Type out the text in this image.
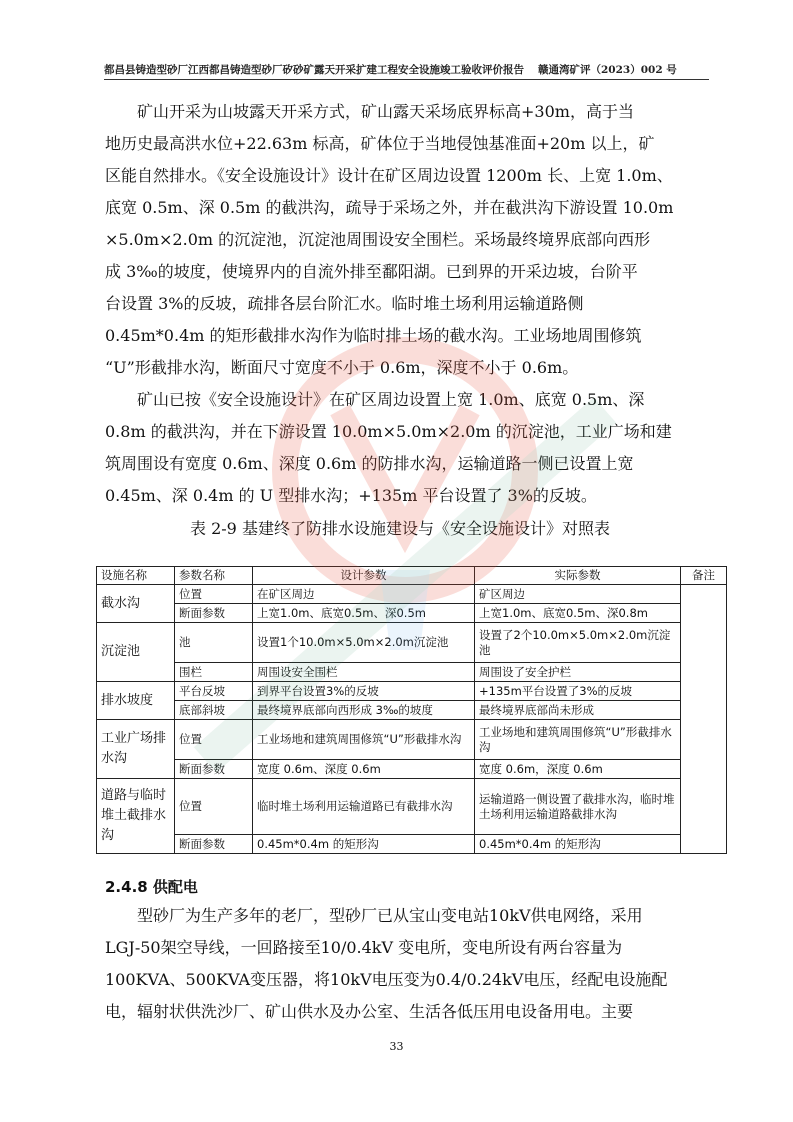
都昌县铸造型砂厂江西都昌铸造型砂厂矽砂矿露天开采扩建工程安全设施竣工验收评价报告 赣通湾矿评（2023）002 号
矿山开采为山坡露天开采方式，矿山露天采场底界标高+30m，高于当
地历史最高洪水位+22.63m 标高，矿体位于当地侵蚀基准面+20m 以上，矿
区能自然排水。《安全设施设计》设计在矿区周边设置 1200m 长、上宽 1.0m、
底宽 0.5m、深 0.5m 的截洪沟，疏导于采场之外，并在截洪沟下游设置 10.0m
×5.0m×2.0m 的沉淀池，沉淀池周围设安全围栏。采场最终境界底部向西形
成 3‰的坡度，使境界内的自流外排至鄱阳湖。已到界的开采边坡，台阶平
台设置 3%的反坡，疏排各层台阶汇水。临时堆土场利用运输道路侧
0.45m*0.4m 的矩形截排水沟作为临时排土场的截水沟。工业场地周围修筑
“U”形截排水沟，断面尺寸宽度不小于 0.6m，深度不小于 0.6m。
矿山已按《安全设施设计》在矿区周边设置上宽 1.0m、底宽 0.5m、深
0.8m 的截洪沟，并在下游设置 10.0m×5.0m×2.0m 的沉淀池，工业广场和建
筑周围设有宽度 0.6m、深度 0.6m 的防排水沟，运输道路一侧已设置上宽
0.45m、深 0.4m 的 U 型排水沟；+135m 平台设置了 3%的反坡。
表 2-9 基建终了防排水设施建设与《安全设施设计》对照表
设施名称	参数名称	设计参数	实际参数	备注
截水沟	位置	在矿区周边	矿区周边	
	断面参数	上宽1.0m、底宽0.5m、深0.5m	上宽1.0m、底宽0.5m、深0.8m	
沉淀池	池	设置1个10.0m×5.0m×2.0m沉淀池	设置了2个10.0m×5.0m×2.0m沉淀池	
	围栏	周围设安全围栏	周围设了安全护栏	
排水坡度	平台反坡	到界平台设置3%的反坡	+135m平台设置了3%的反坡	
	底部斜坡	最终境界底部向西形成 3‰的坡度	最终境界底部尚未形成	
工业广场排水沟	位置	工业场地和建筑周围修筑“U”形截排水沟	工业场地和建筑周围修筑“U”形截排水沟	
	断面参数	宽度 0.6m、深度 0.6m	宽度 0.6m，深度 0.6m	
道路与临时堆土截排水沟	位置	临时堆土场利用运输道路已有截排水沟	运输道路一侧设置了截排水沟，临时堆土场利用运输道路截排水沟	
	断面参数	0.45m*0.4m 的矩形沟	0.45m*0.4m 的矩形沟	
2.4.8 供配电
型砂厂为生产多年的老厂，型砂厂已从宝山变电站10kV供电网络，采用
LGJ-50架空导线，一回路接至10/0.4kV 变电所，变电所设有两台容量为
100KVA、500KVA变压器，将10kV电压变为0.4/0.24kV电压，经配电设施配
电，辐射状供洗沙厂、矿山供水及办公室、生活各低压用电设备用电。主要
33
